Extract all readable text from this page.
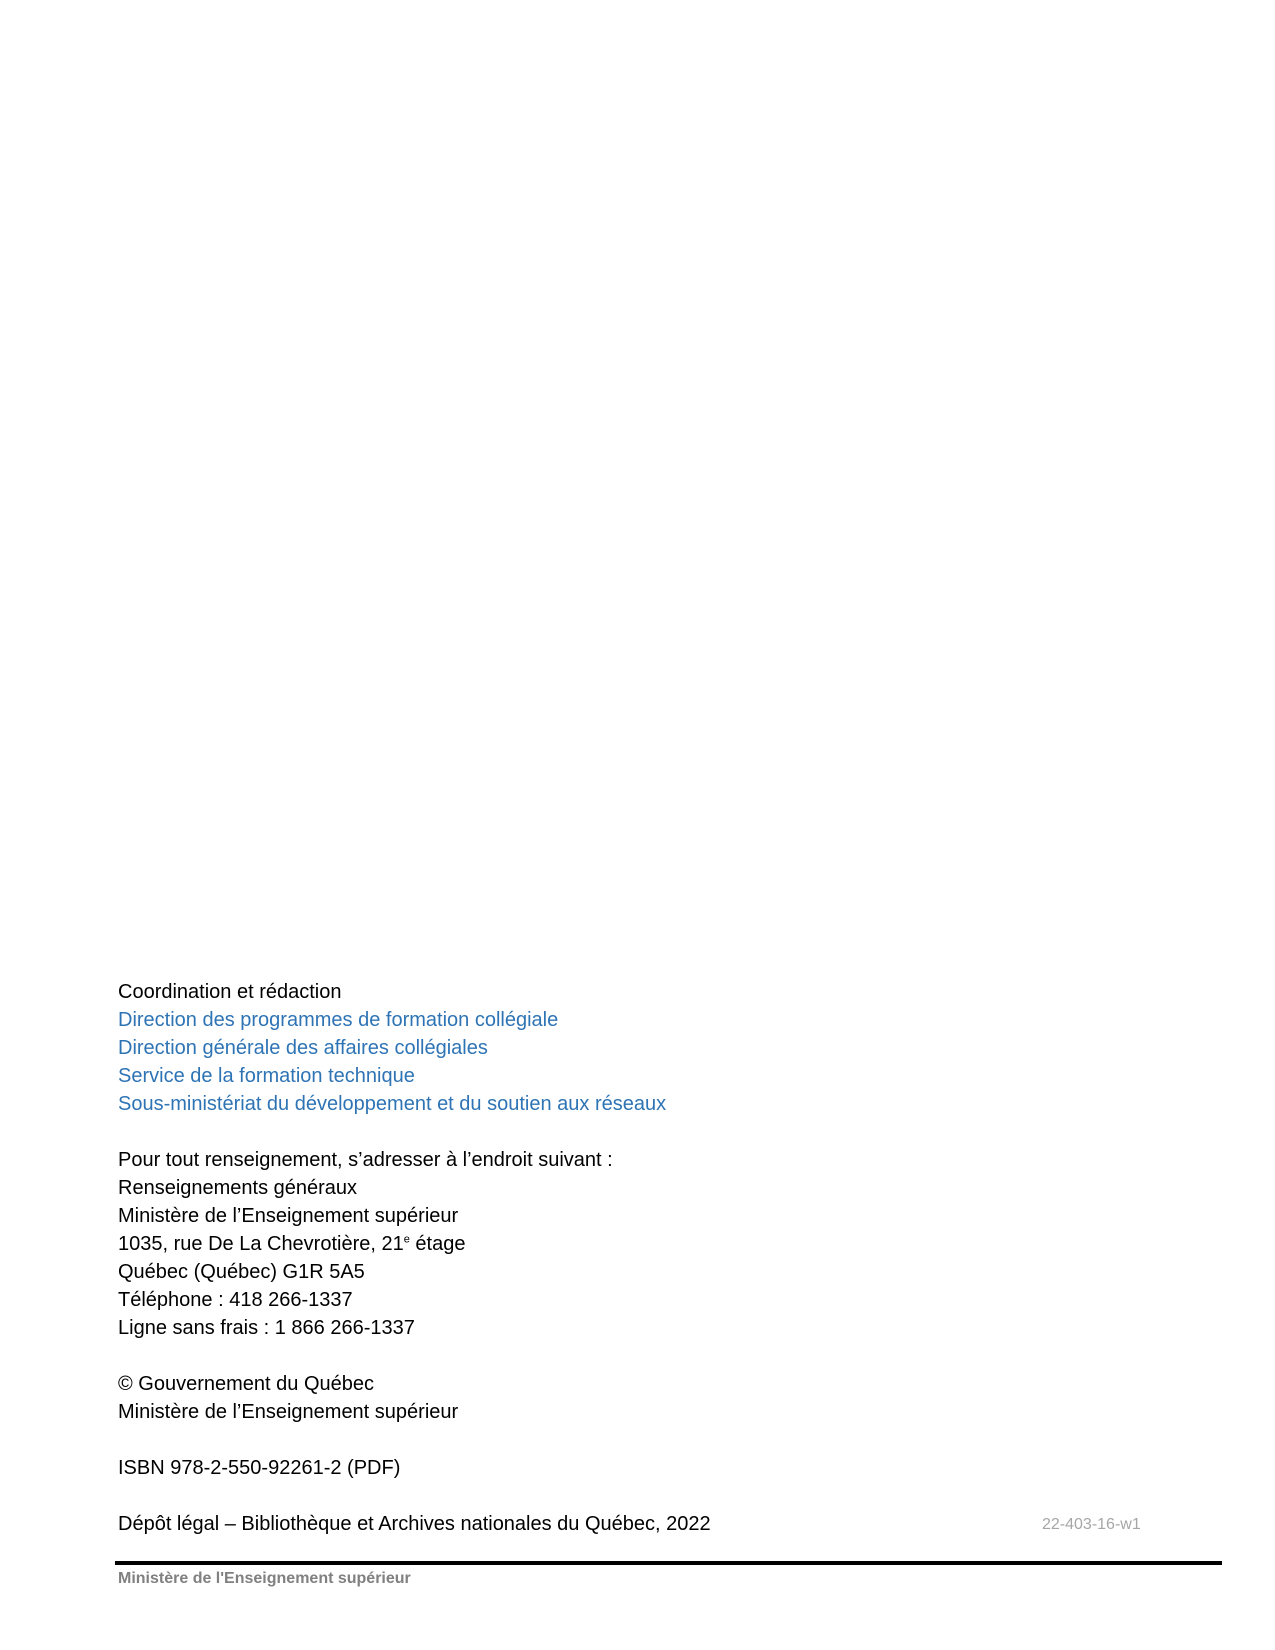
Coordination et rédaction
Direction des programmes de formation collégiale
Direction générale des affaires collégiales
Service de la formation technique
Sous-ministériat du développement et du soutien aux réseaux
Pour tout renseignement, s’adresser à l’endroit suivant :
Renseignements généraux
Ministère de l’Enseignement supérieur
1035, rue De La Chevrotière, 21e étage
Québec (Québec) G1R 5A5
Téléphone : 418 266-1337
Ligne sans frais : 1 866 266-1337
© Gouvernement du Québec
Ministère de l’Enseignement supérieur
ISBN 978-2-550-92261-2 (PDF)
Dépôt légal – Bibliothèque et Archives nationales du Québec, 2022	22-403-16-w1
Ministère de l'Enseignement supérieur
